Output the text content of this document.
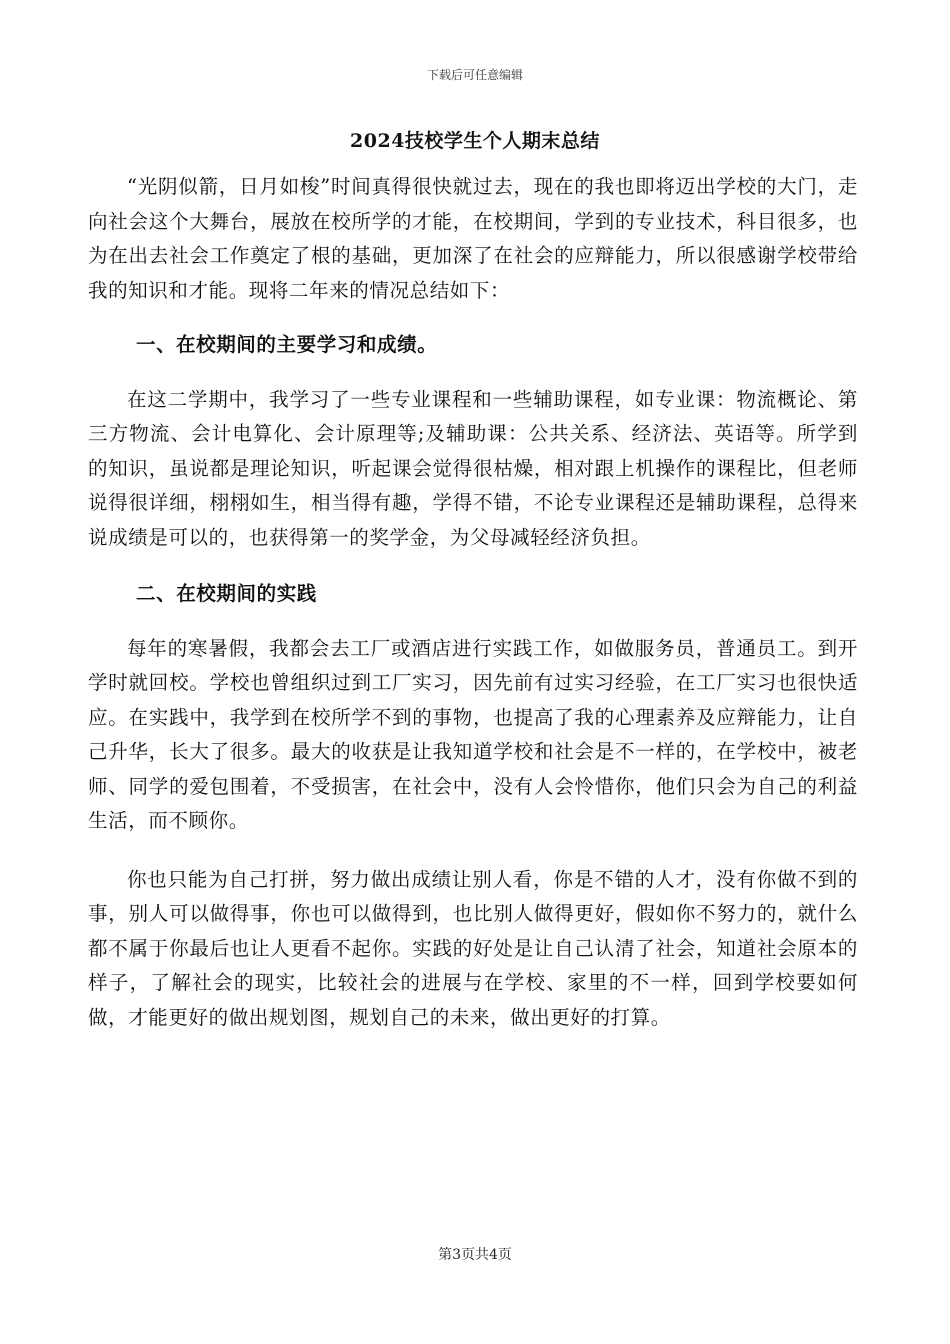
下载后可任意编辑
2024技校学生个人期末总结

“光阴似箭，日月如梭”时间真得很快就过去，现在的我也即将迈出学校的大门，走向社会这个大舞台，展放在校所学的才能，在校期间，学到的专业技术，科目很多，也为在出去社会工作奠定了根的基础，更加深了在社会的应辩能力，所以很感谢学校带给我的知识和才能。现将二年来的情况总结如下：

一、在校期间的主要学习和成绩。

在这二学期中，我学习了一些专业课程和一些辅助课程，如专业课：物流概论、第三方物流、会计电算化、会计原理等;及辅助课：公共关系、经济法、英语等。所学到的知识，虽说都是理论知识，听起课会觉得很枯燥，相对跟上机操作的课程比，但老师说得很详细，栩栩如生，相当得有趣，学得不错，不论专业课程还是辅助课程，总得来说成绩是可以的，也获得第一的奖学金，为父母减轻经济负担。

二、在校期间的实践

每年的寒暑假，我都会去工厂或酒店进行实践工作，如做服务员，普通员工。到开学时就回校。学校也曾组织过到工厂实习，因先前有过实习经验，在工厂实习也很快适应。在实践中，我学到在校所学不到的事物，也提高了我的心理素养及应辩能力，让自己升华，长大了很多。最大的收获是让我知道学校和社会是不一样的，在学校中，被老师、同学的爱包围着，不受损害，在社会中，没有人会怜惜你，他们只会为自己的利益生活，而不顾你。

你也只能为自己打拼，努力做出成绩让别人看，你是不错的人才，没有你做不到的事，别人可以做得事，你也可以做得到，也比别人做得更好，假如你不努力的，就什么都不属于你最后也让人更看不起你。实践的好处是让自己认清了社会，知道社会原本的样子，了解社会的现实，比较社会的进展与在学校、家里的不一样，回到学校要如何做，才能更好的做出规划图，规划自己的未来，做出更好的打算。

第3页共4页
